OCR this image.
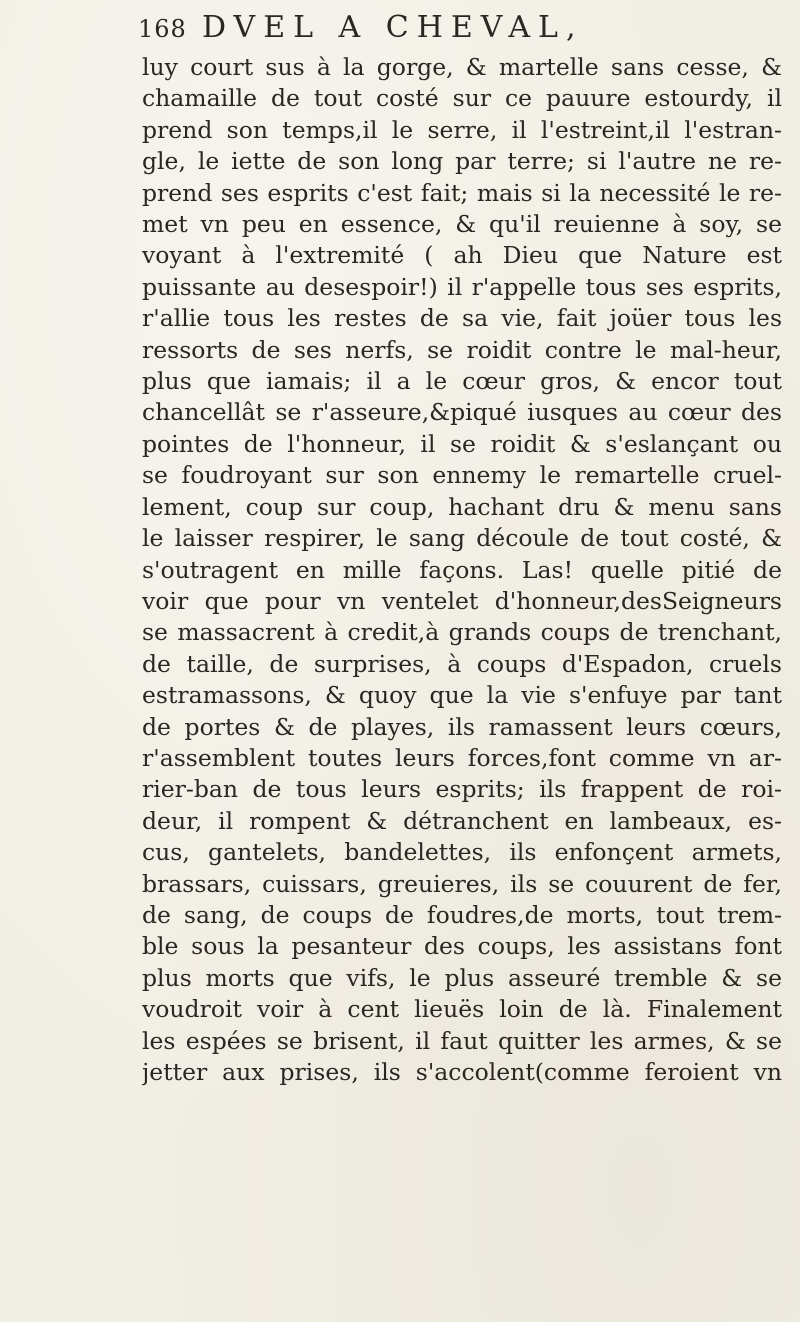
168 DVEL A CHEVAL,
luy court sus à la gorge, & martelle sans cesse, &
chamaille de tout costé sur ce pauure estourdy, il
prend son temps,il le serre, il l'estreint,il l'estran-
gle, le iette de son long par terre; si l'autre ne re-
prend ses esprits c'est fait; mais si la necessité le re-
met vn peu en essence, & qu'il reuienne à soy, se
voyant à l'extremité ( ah Dieu que Nature est
puissante au desespoir!) il r'appelle tous ses esprits,
r'allie tous les restes de sa vie, fait joüer tous les
ressorts de ses nerfs, se roidit contre le mal-heur,
plus que iamais; il a le cœur gros, & encor tout
chancellât se r'asseure,&piqué iusques au cœur des
pointes de l'honneur, il se roidit & s'eslançant ou
se foudroyant sur son ennemy le remartelle cruel-
lement, coup sur coup, hachant dru & menu sans
le laisser respirer, le sang découle de tout costé, &
s'outragent en mille façons. Las! quelle pitié de
voir que pour vn ventelet d'honneur,desSeigneurs
se massacrent à credit,à grands coups de trenchant,
de taille, de surprises, à coups d'Espadon, cruels
estramassons, & quoy que la vie s'enfuye par tant
de portes & de playes, ils ramassent leurs cœurs,
r'assemblent toutes leurs forces,font comme vn ar-
rier-ban de tous leurs esprits; ils frappent de roi-
deur, il rompent & détranchent en lambeaux, es-
cus, gantelets, bandelettes, ils enfonçent armets,
brassars, cuissars, greuieres, ils se couurent de fer,
de sang, de coups de foudres,de morts, tout trem-
ble sous la pesanteur des coups, les assistans font
plus morts que vifs, le plus asseuré tremble & se
voudroit voir à cent lieuës loin de là. Finalement
les espées se brisent, il faut quitter les armes, & se
jetter aux prises, ils s'accolent(comme feroient vn
